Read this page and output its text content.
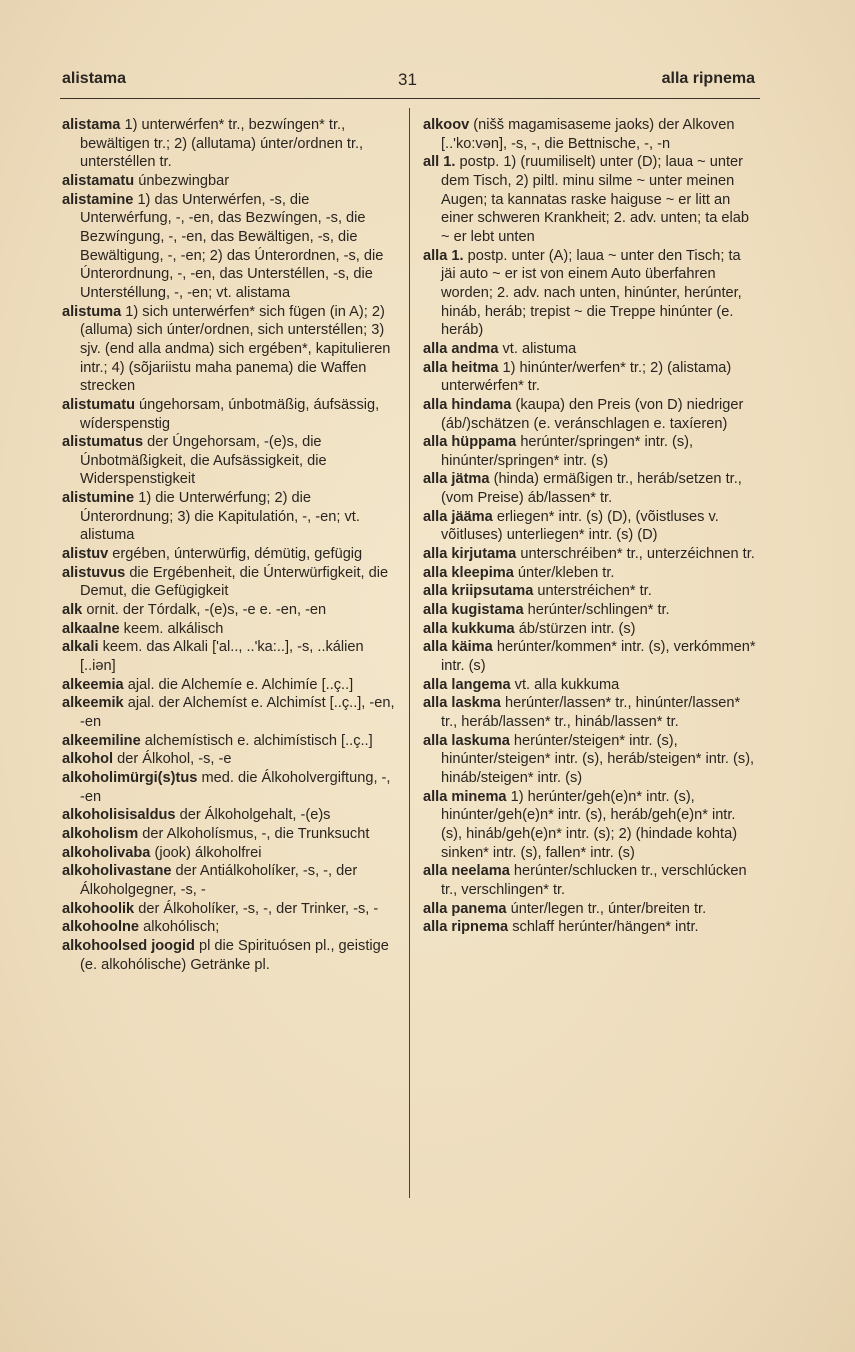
alistama	31	alla ripnema

alistama 1) unterwérfen* tr., bezwíngen* tr., bewältigen tr.; 2) (allutama) únter/ordnen tr., unterstéllen tr.

alistamatu únbezwingbar

alistamine 1) das Unterwérfen, -s, die Unterwérfung, -, -en, das Bezwíngen, -s, die Bezwíngung, -, -en, das Bewältigen, -s, die Bewältigung, -, -en; 2) das Únterordnen, -s, die Únterordnung, -, -en, das Unterstéllen, -s, die Unterstéllung, -, -en; vt. alistama

alistuma 1) sich unterwérfen* sich fügen (in A); 2) (alluma) sich únter/ordnen, sich unterstéllen; 3) sjv. (end alla andma) sich ergében*, kapitulieren intr.; 4) (sõjariistu maha panema) die Waffen strecken

alistumatu úngehorsam, únbotmäßig, áufsässig, wíderspenstig

alistumatus der Úngehorsam, -(e)s, die Únbotmäßigkeit, die Aufsässigkeit, die Widerspenstigkeit

alistumine 1) die Unterwérfung; 2) die Únterordnung; 3) die Kapitulatión, -, -en; vt. alistuma

alistuv ergében, únterwürfig, démütig, gefügig

alistuvus die Ergébenheit, die Únterwürfigkeit, die Demut, die Gefügigkeit

alk ornit. der Tórdalk, -(e)s, -e e. -en, -en

alkaalne keem. alkálisch

alkali keem. das Alkali ['al.., ..'ka:..], -s, ..kálien [..iən]

alkeemia ajal. die Alchemíe e. Alchimíe [..ç..]

alkeemik ajal. der Alchemíst e. Alchimíst [..ç..], -en, -en

alkeemiline alchemístisch e. alchimístisch [..ç..]

alkohol der Álkohol, -s, -e

alkoholimürgi(s)tus med. die Álkoholvergiftung, -, -en

alkoholisisaldus der Álkoholgehalt, -(e)s

alkoholism der Alkoholísmus, -, die Trunksucht

alkoholivaba (jook) álkoholfrei

alkoholivastane der Antiálkoholíker, -s, -, der Álkoholgegner, -s, -

alkohoolik der Álkoholíker, -s, -, der Trinker, -s, -

alkohoolne alkohólisch;

alkohoolsed joogid pl die Spirituósen pl., geistige (e. alkohólische) Getränke pl.

alkoov (nišš magamisaseme jaoks) der Alkoven [..'ko:vən], -s, -, die Bettnische, -, -n

all 1. postp. 1) (ruumiliselt) unter (D); laua ~ unter dem Tisch, 2) piltl. minu silme ~ unter meinen Augen; ta kannatas raske haiguse ~ er litt an einer schweren Krankheit; 2. adv. unten; ta elab ~ er lebt unten

alla 1. postp. unter (A); laua ~ unter den Tisch; ta jäi auto ~ er ist von einem Auto überfahren worden; 2. adv. nach unten, hinúnter, herúnter, hináb, heráb; trepist ~ die Treppe hinúnter (e. heráb)

alla andma vt. alistuma

alla heitma 1) hinúnter/werfen* tr.; 2) (alistama) unterwérfen* tr.

alla hindama (kaupa) den Preis (von D) niedriger (áb/)schätzen (e. veránschlagen e. taxíeren)

alla hüppama herúnter/springen* intr. (s), hinúnter/springen* intr. (s)

alla jätma (hinda) ermäßigen tr., heráb/setzen tr., (vom Preise) áb/lassen* tr.

alla jääma erliegen* intr. (s) (D), (võistluses v. võitluses) unterliegen* intr. (s) (D)

alla kirjutama unterschréiben* tr., unterzéichnen tr.

alla kleepima únter/kleben tr.

alla kriipsutama unterstréichen* tr.

alla kugistama herúnter/schlingen* tr.

alla kukkuma áb/stürzen intr. (s)

alla käima herúnter/kommen* intr. (s), verkómmen* intr. (s)

alla langema vt. alla kukkuma

alla laskma herúnter/lassen* tr., hinúnter/lassen* tr., heráb/lassen* tr., hináb/lassen* tr.

alla laskuma herúnter/steigen* intr. (s), hinúnter/steigen* intr. (s), heráb/steigen* intr. (s), hináb/steigen* intr. (s)

alla minema 1) herúnter/geh(e)n* intr. (s), hinúnter/geh(e)n* intr. (s), heráb/geh(e)n* intr. (s), hináb/geh(e)n* intr. (s); 2) (hindade kohta) sinken* intr. (s), fallen* intr. (s)

alla neelama herúnter/schlucken tr., verschlúcken tr., verschlingen* tr.

alla panema únter/legen tr., únter/breiten tr.

alla ripnema schlaff herúnter/hängen* intr.
